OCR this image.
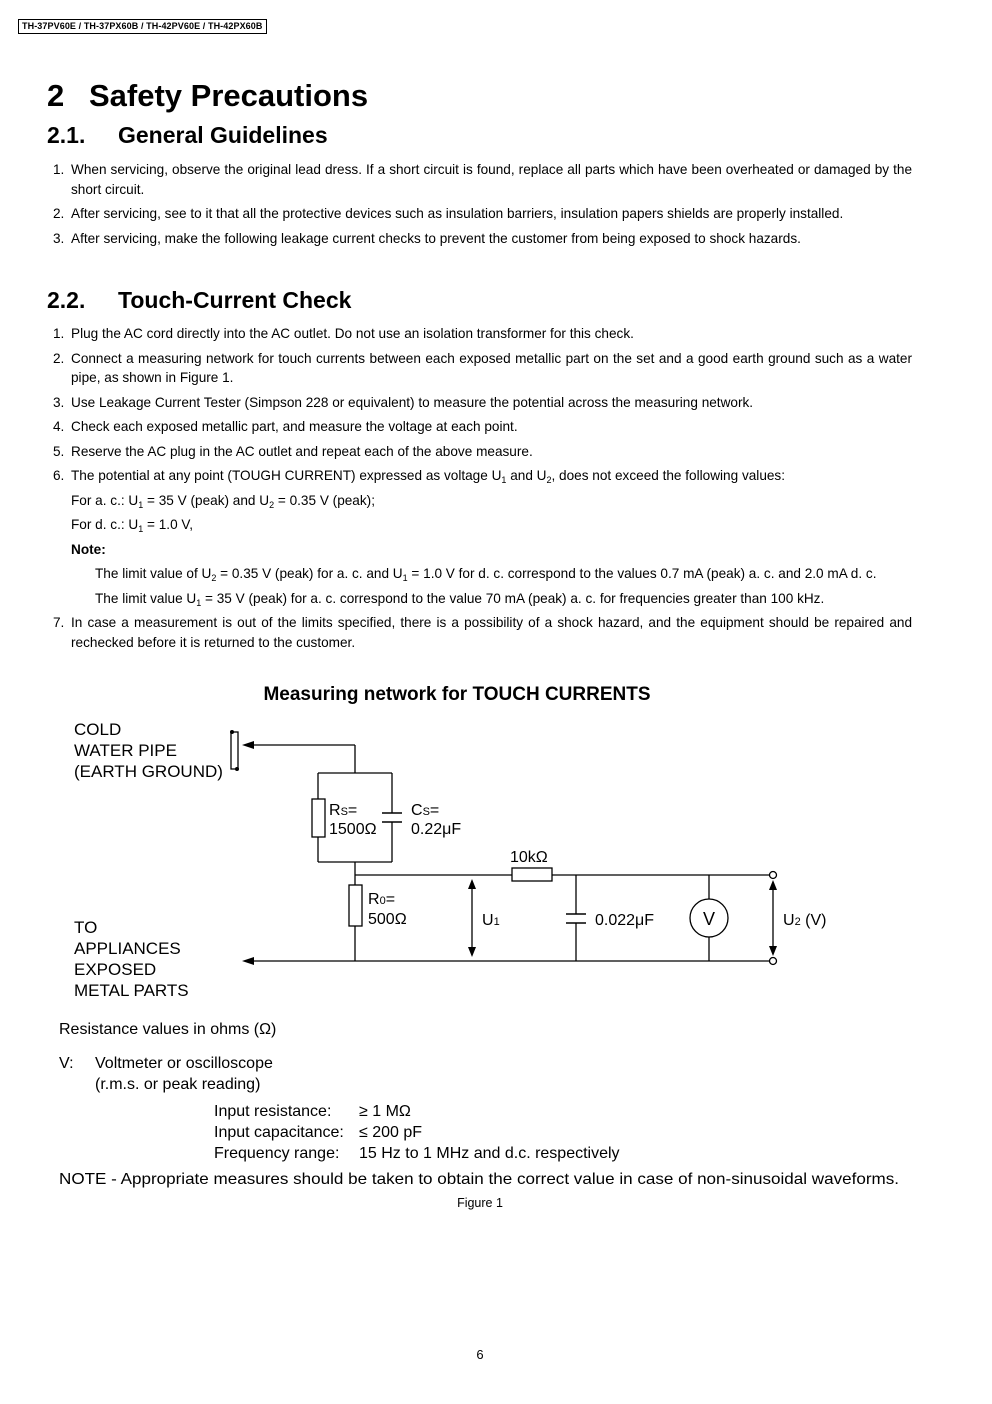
TH-37PV60E / TH-37PX60B / TH-42PV60E / TH-42PX60B
2 Safety Precautions
2.1. General Guidelines
1. When servicing, observe the original lead dress. If a short circuit is found, replace all parts which have been overheated or damaged by the short circuit.
2. After servicing, see to it that all the protective devices such as insulation barriers, insulation papers shields are properly installed.
3. After servicing, make the following leakage current checks to prevent the customer from being exposed to shock hazards.
2.2. Touch-Current Check
1. Plug the AC cord directly into the AC outlet. Do not use an isolation transformer for this check.
2. Connect a measuring network for touch currents between each exposed metallic part on the set and a good earth ground such as a water pipe, as shown in Figure 1.
3. Use Leakage Current Tester (Simpson 228 or equivalent) to measure the potential across the measuring network.
4. Check each exposed metallic part, and measure the voltage at each point.
5. Reserve the AC plug in the AC outlet and repeat each of the above measure.
6. The potential at any point (TOUGH CURRENT) expressed as voltage $U_1$ and $U_2$, does not exceed the following values:
For a. c.: $U_1 = 35$ V (peak) and $U_2 = 0.35$ V (peak);
For d. c.: $U_1 = 1.0$ V,
Note:
The limit value of $U_2 = 0.35$ V (peak) for a. c. and $U_1 = 1.0$ V for d. c. correspond to the values 0.7 mA (peak) a. c. and 2.0 mA d. c.
The limit value $U_1 = 35$ V (peak) for a. c. correspond to the value 70 mA (peak) a. c. for frequencies greater than 100 kHz.
7. In case a measurement is out of the limits specified, there is a possibility of a shock hazard, and the equipment should be repaired and rechecked before it is returned to the customer.
Measuring network for TOUCH CURRENTS
COLD WATER PIPE (EARTH GROUND)
TO APPLIANCES EXPOSED METAL PARTS
RS=
1500Ω
CS=
0.22μF
R0=
500Ω
10kΩ
U1	0.022μF	V	U2 (V)
Resistance values in ohms (Ω)
V: Voltmeter or oscilloscope
(r.m.s. or peak reading)
Input resistance: ≥ 1 MΩ
Input capacitance: ≤ 200 pF
Frequency range: 15 Hz to 1 MHz and d.c. respectively
NOTE - Appropriate measures should be taken to obtain the correct value in case of non-sinusoidal waveforms.
Figure 1
6
